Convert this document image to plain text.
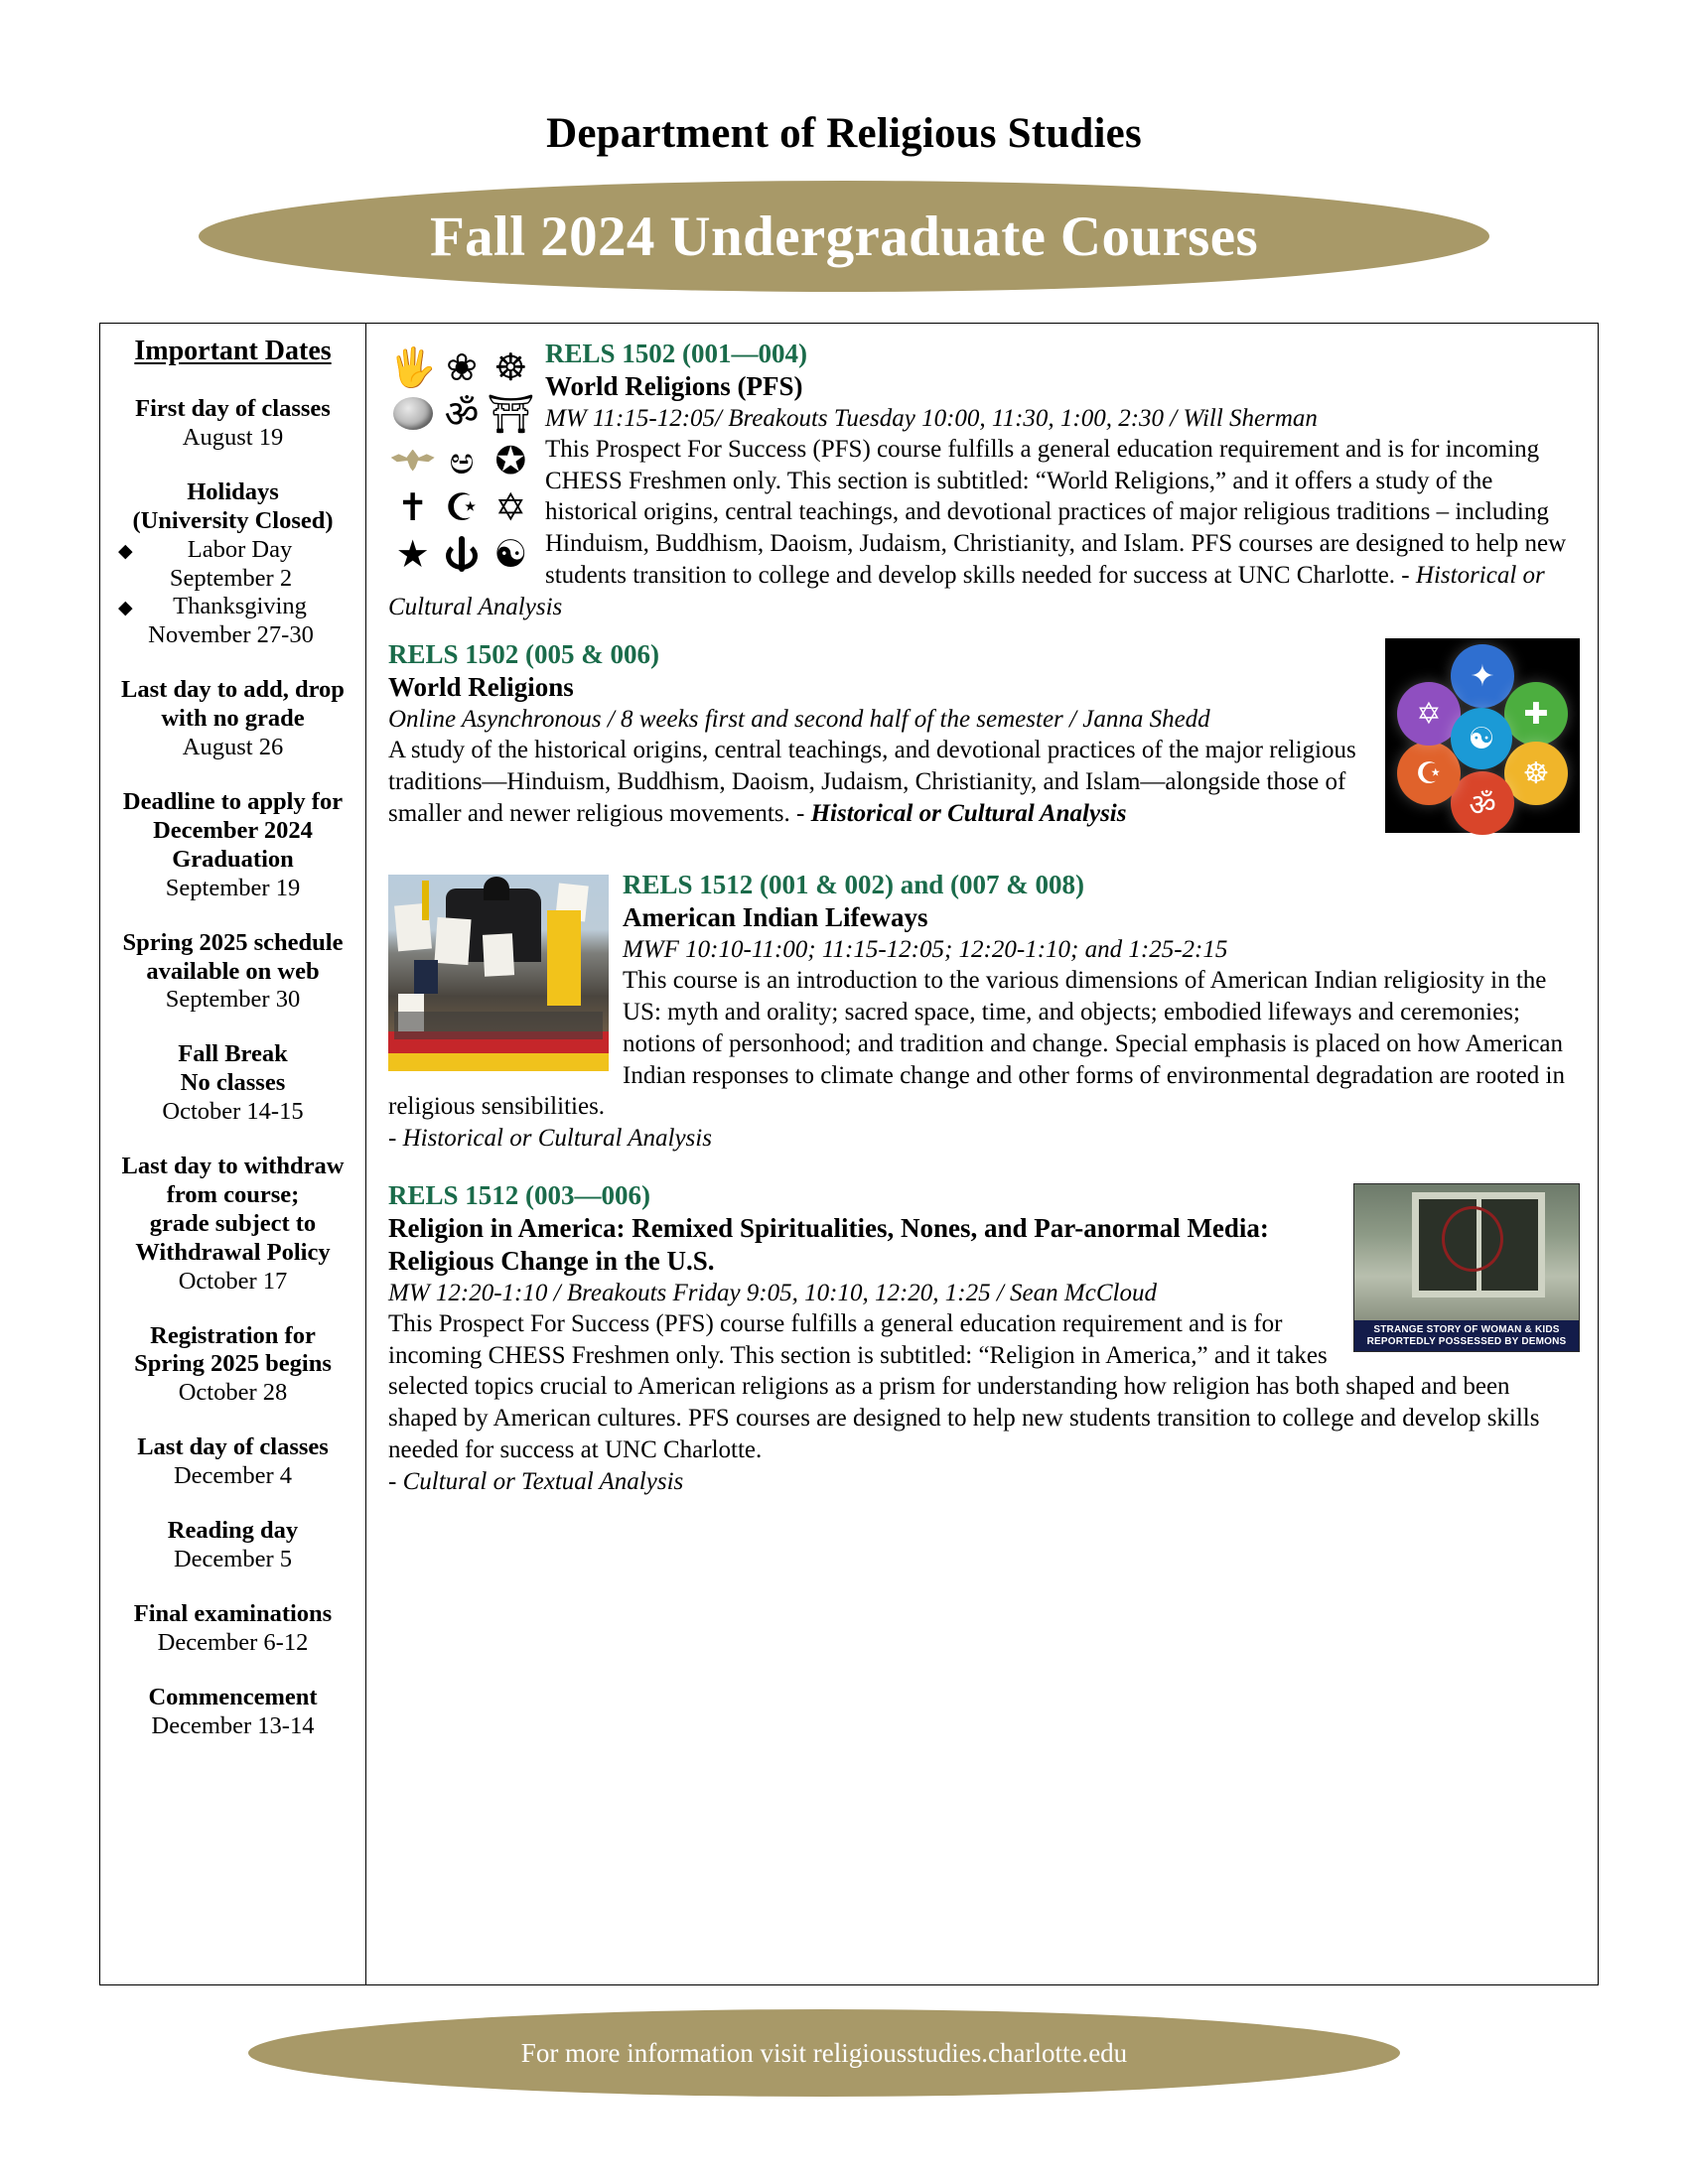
Department of Religious Studies
Fall 2024 Undergraduate Courses
Important Dates
First day of classes
August 19
Holidays
(University Closed)
◆	Labor Day
September 2
◆	Thanksgiving
November 27-30
Last day to add, drop
with no grade
August 26
Deadline to apply for
December 2024
Graduation
September 19
Spring 2025 schedule
available on web
September 30
Fall Break
No classes
October 14-15
Last day to withdraw
from course;
grade subject to
Withdrawal Policy
October 17
Registration for
Spring 2025 begins
October 28
Last day of classes
December 4
Reading day
December 5
Final examinations
December 6-12
Commencement
December 13-14
🖐 ❀ ☸
ॐ ⛩
ಅ ✪
✝ ☪ ✡
★ ☯
RELS 1502 (001—004)
World Religions (PFS)
MW 11:15-12:05/ Breakouts Tuesday 10:00, 11:30, 1:00, 2:30 / Will Sherman
This Prospect For Success (PFS) course fulfills a general education requirement and is for incoming CHESS Freshmen only. This section is subtitled: “World Religions,” and it offers a study of the historical origins, central teachings, and devotional practices of major religious traditions – including Hinduism, Buddhism, Daoism, Judaism, Christianity, and Islam. PFS courses are designed to help new students transition to college and develop skills needed for success at UNC Charlotte. - Historical or Cultural Analysis
✦
✚
☸
ॐ
☪
✡
☯
RELS 1502 (005 & 006)
World Religions
Online Asynchronous / 8 weeks first and second half of the semester / Janna Shedd
A study of the historical origins, central teachings, and devotional practices of the major religious traditions—Hinduism, Buddhism, Daoism, Judaism, Christianity, and Islam—alongside those of smaller and newer religious movements. - Historical or Cultural Analysis
RELS 1512 (001 & 002) and (007 & 008)
American Indian Lifeways
MWF 10:10-11:00; 11:15-12:05; 12:20-1:10; and 1:25-2:15
This course is an introduction to the various dimensions of American Indian religiosity in the US: myth and orality; sacred space, time, and objects; embodied lifeways and ceremonies; notions of personhood; and tradition and change. Special emphasis is placed on how American Indian responses to climate change and other forms of environmental degradation are rooted in religious sensibilities.
- Historical or Cultural Analysis
STRANGE STORY OF WOMAN & KIDS
REPORTEDLY POSSESSED BY DEMONS
RELS 1512 (003—006)
Religion in America: Remixed Spiritualities, Nones, and Par-anormal Media: Religious Change in the U.S.
MW 12:20-1:10 / Breakouts Friday 9:05, 10:10, 12:20, 1:25 / Sean McCloud
This Prospect For Success (PFS) course fulfills a general education requirement and is for incoming CHESS Freshmen only. This section is subtitled: “Religion in America,” and it takes selected topics crucial to American religions as a prism for understanding how religion has both shaped and been shaped by American cultures. PFS courses are designed to help new students transition to college and develop skills needed for success at UNC Charlotte.
- Cultural or Textual Analysis
For more information visit religiousstudies.charlotte.edu
